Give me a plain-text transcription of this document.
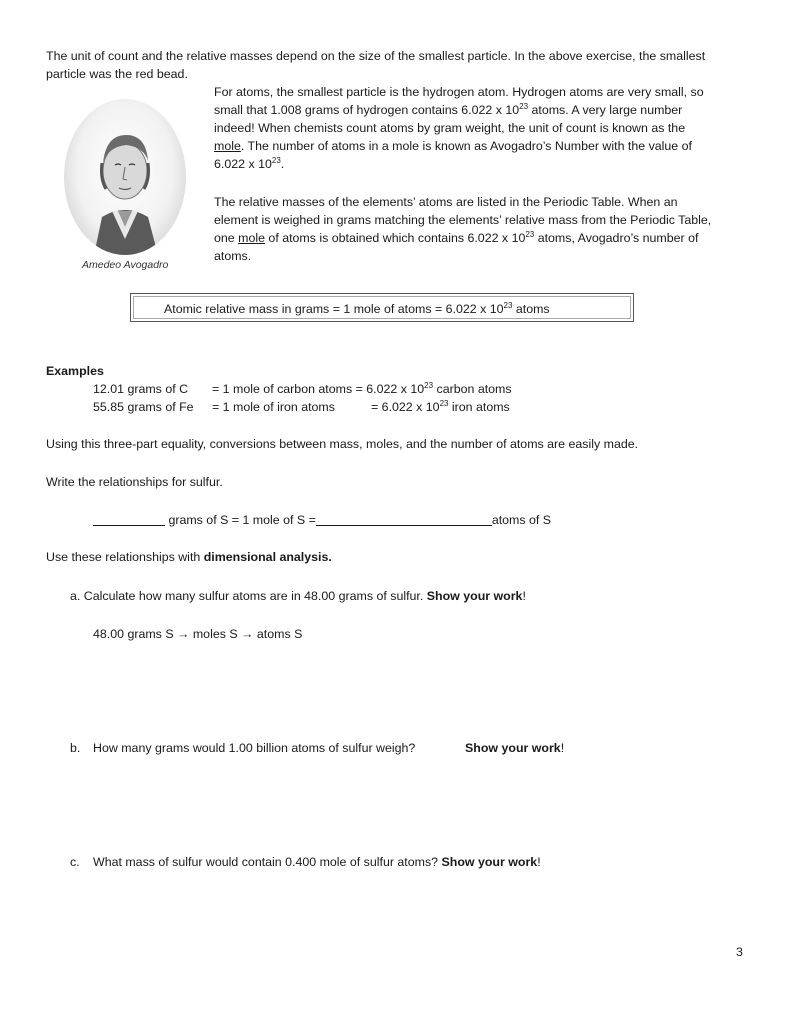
The unit of count and the relative masses depend on the size of the smallest particle. In the above exercise, the smallest
particle was the red bead.
Amedeo Avogadro
For atoms, the smallest particle is the hydrogen atom. Hydrogen atoms are very small, so
small that 1.008 grams of hydrogen contains 6.022 x $10^{23}$ atoms. A very large number
indeed! When chemists count atoms by gram weight, the unit of count is known as the
mole. The number of atoms in a mole is known as Avogadro’s Number with the value of
6.022 x $10^{23}$.
The relative masses of the elements’ atoms are listed in the Periodic Table. When an
element is weighed in grams matching the elements’ relative mass from the Periodic Table,
one mole of atoms is obtained which contains 6.022 x $10^{23}$ atoms, Avogadro’s number of
atoms.
Atomic relative mass in grams = 1 mole of atoms = 6.022 x $10^{23}$ atoms
Examples
12.01 grams of C = 1 mole of carbon atoms = 6.022 x $10^{23}$ carbon atoms
55.85 grams of Fe = 1 mole of iron atoms	= 6.022 x $10^{23}$ iron atoms
Using this three-part equality, conversions between mass, moles, and the number of atoms are easily made.
Write the relationships for sulfur.
grams of S = 1 mole of S =	atoms of S
Use these relationships with dimensional analysis.
a. Calculate how many sulfur atoms are in 48.00 grams of sulfur. Show your work!
48.00 grams S → moles S → atoms S
b. How many grams would 1.00 billion atoms of sulfur weigh?	Show your work!
c. What mass of sulfur would contain 0.400 mole of sulfur atoms? Show your work!
3
